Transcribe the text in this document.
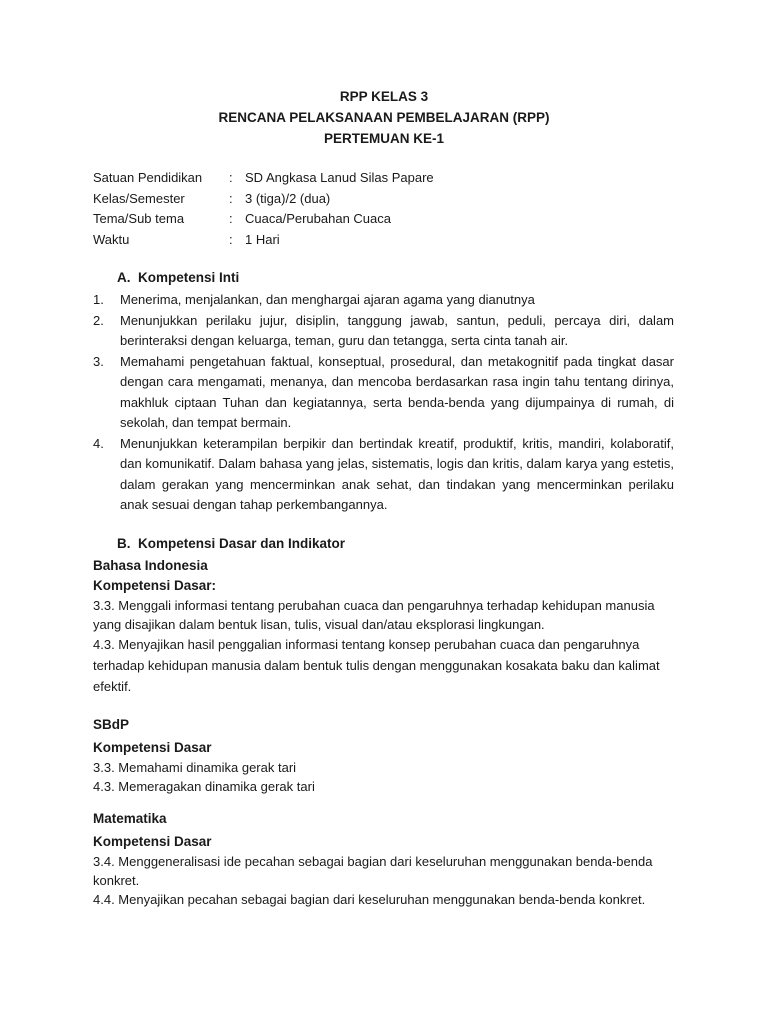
RPP KELAS 3
RENCANA PELAKSANAAN PEMBELAJARAN (RPP)
PERTEMUAN KE-1
Satuan Pendidikan : SD Angkasa Lanud Silas Papare
Kelas/Semester	: 3 (tiga)/2 (dua)
Tema/Sub tema	: Cuaca/Perubahan Cuaca
Waktu	: 1 Hari
A. Kompetensi Inti
1. Menerima, menjalankan, dan menghargai ajaran agama yang dianutnya
2. Menunjukkan perilaku jujur, disiplin, tanggung jawab, santun, peduli, percaya diri, dalam berinteraksi dengan keluarga, teman, guru dan tetangga, serta cinta tanah air.
3. Memahami pengetahuan faktual, konseptual, prosedural, dan metakognitif pada tingkat dasar dengan cara mengamati, menanya, dan mencoba berdasarkan rasa ingin tahu tentang dirinya, makhluk ciptaan Tuhan dan kegiatannya, serta benda-benda yang dijumpainya di rumah, di sekolah, dan tempat bermain.
4. Menunjukkan keterampilan berpikir dan bertindak kreatif, produktif, kritis, mandiri, kolaboratif, dan komunikatif. Dalam bahasa yang jelas, sistematis, logis dan kritis, dalam karya yang estetis, dalam gerakan yang mencerminkan anak sehat, dan tindakan yang mencerminkan perilaku anak sesuai dengan tahap perkembangannya.
B. Kompetensi Dasar dan Indikator
Bahasa Indonesia
Kompetensi Dasar:
3.3. Menggali informasi tentang perubahan cuaca dan pengaruhnya terhadap kehidupan manusia yang disajikan dalam bentuk lisan, tulis, visual dan/atau eksplorasi lingkungan.
4.3. Menyajikan hasil penggalian informasi tentang konsep perubahan cuaca dan pengaruhnya terhadap kehidupan manusia dalam bentuk tulis dengan menggunakan kosakata baku dan kalimat efektif.
SBdP
Kompetensi Dasar
3.3. Memahami dinamika gerak tari
4.3. Memeragakan dinamika gerak tari
Matematika
Kompetensi Dasar
3.4. Menggeneralisasi ide pecahan sebagai bagian dari keseluruhan menggunakan benda-benda konkret.
4.4. Menyajikan pecahan sebagai bagian dari keseluruhan menggunakan benda-benda konkret.
